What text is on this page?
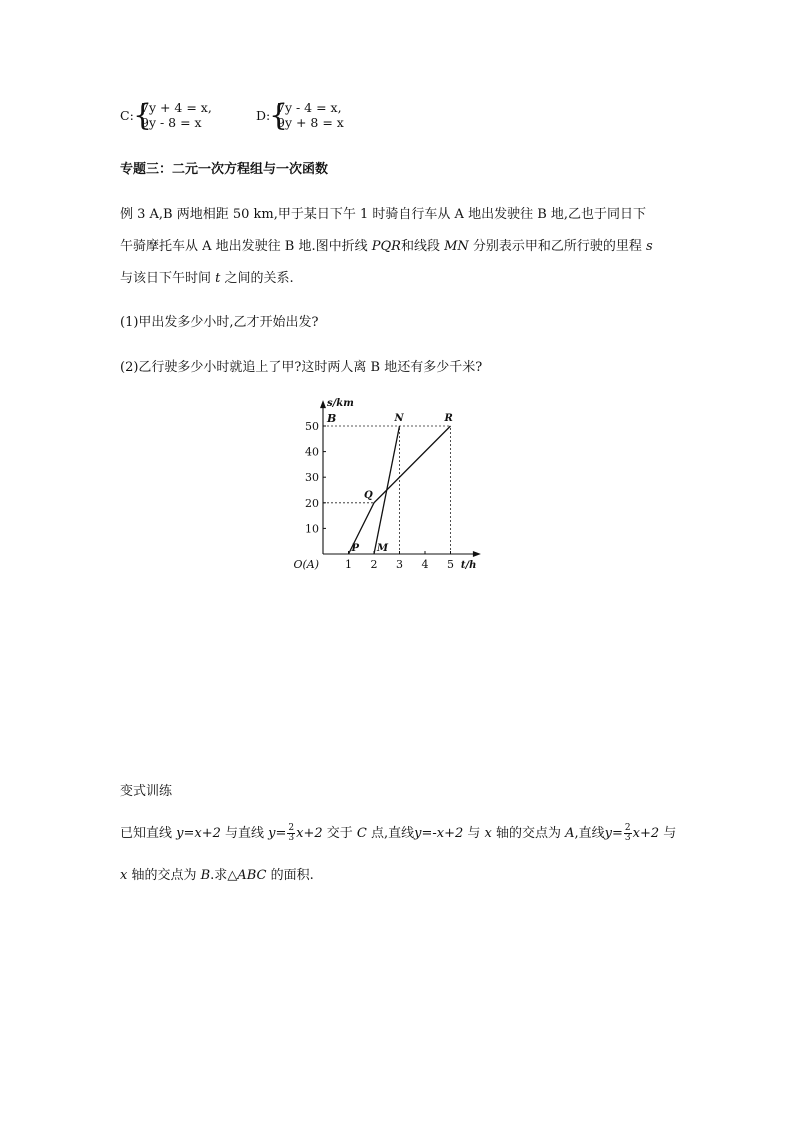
C: {
7y + 4 = x,
9y - 8 = x	D:
{
7y - 4 = x,
9y + 8 = x
专题三：二元一次方程组与一次函数
例 3 A,B 两地相距 50 km,甲于某日下午 1 时骑自行车从 A 地出发驶往 B 地,乙也于同日下
午骑摩托车从 A 地出发驶往 B 地.图中折线 PQR和线段 MN 分别表示甲和乙所行驶的里程 s
与该日下午时间 t 之间的关系.
(1)甲出发多少小时,乙才开始出发?
(2)乙行驶多少小时就追上了甲?这时两人离 B 地还有多少千米?
1 2 3 4 5
10
20
30
40
50
s/km
t/h
O(A)
B
P
Q
R
M
N
变式训练
已知直线 y=x+2 与直线 $y= \frac{2}{3} x+2$ 交于 C 点,直线y=-x+2 与 x 轴的交点为 A,直线$y= \frac{2}{3} x+2$ 与
x 轴的交点为 B.求△ABC 的面积.
